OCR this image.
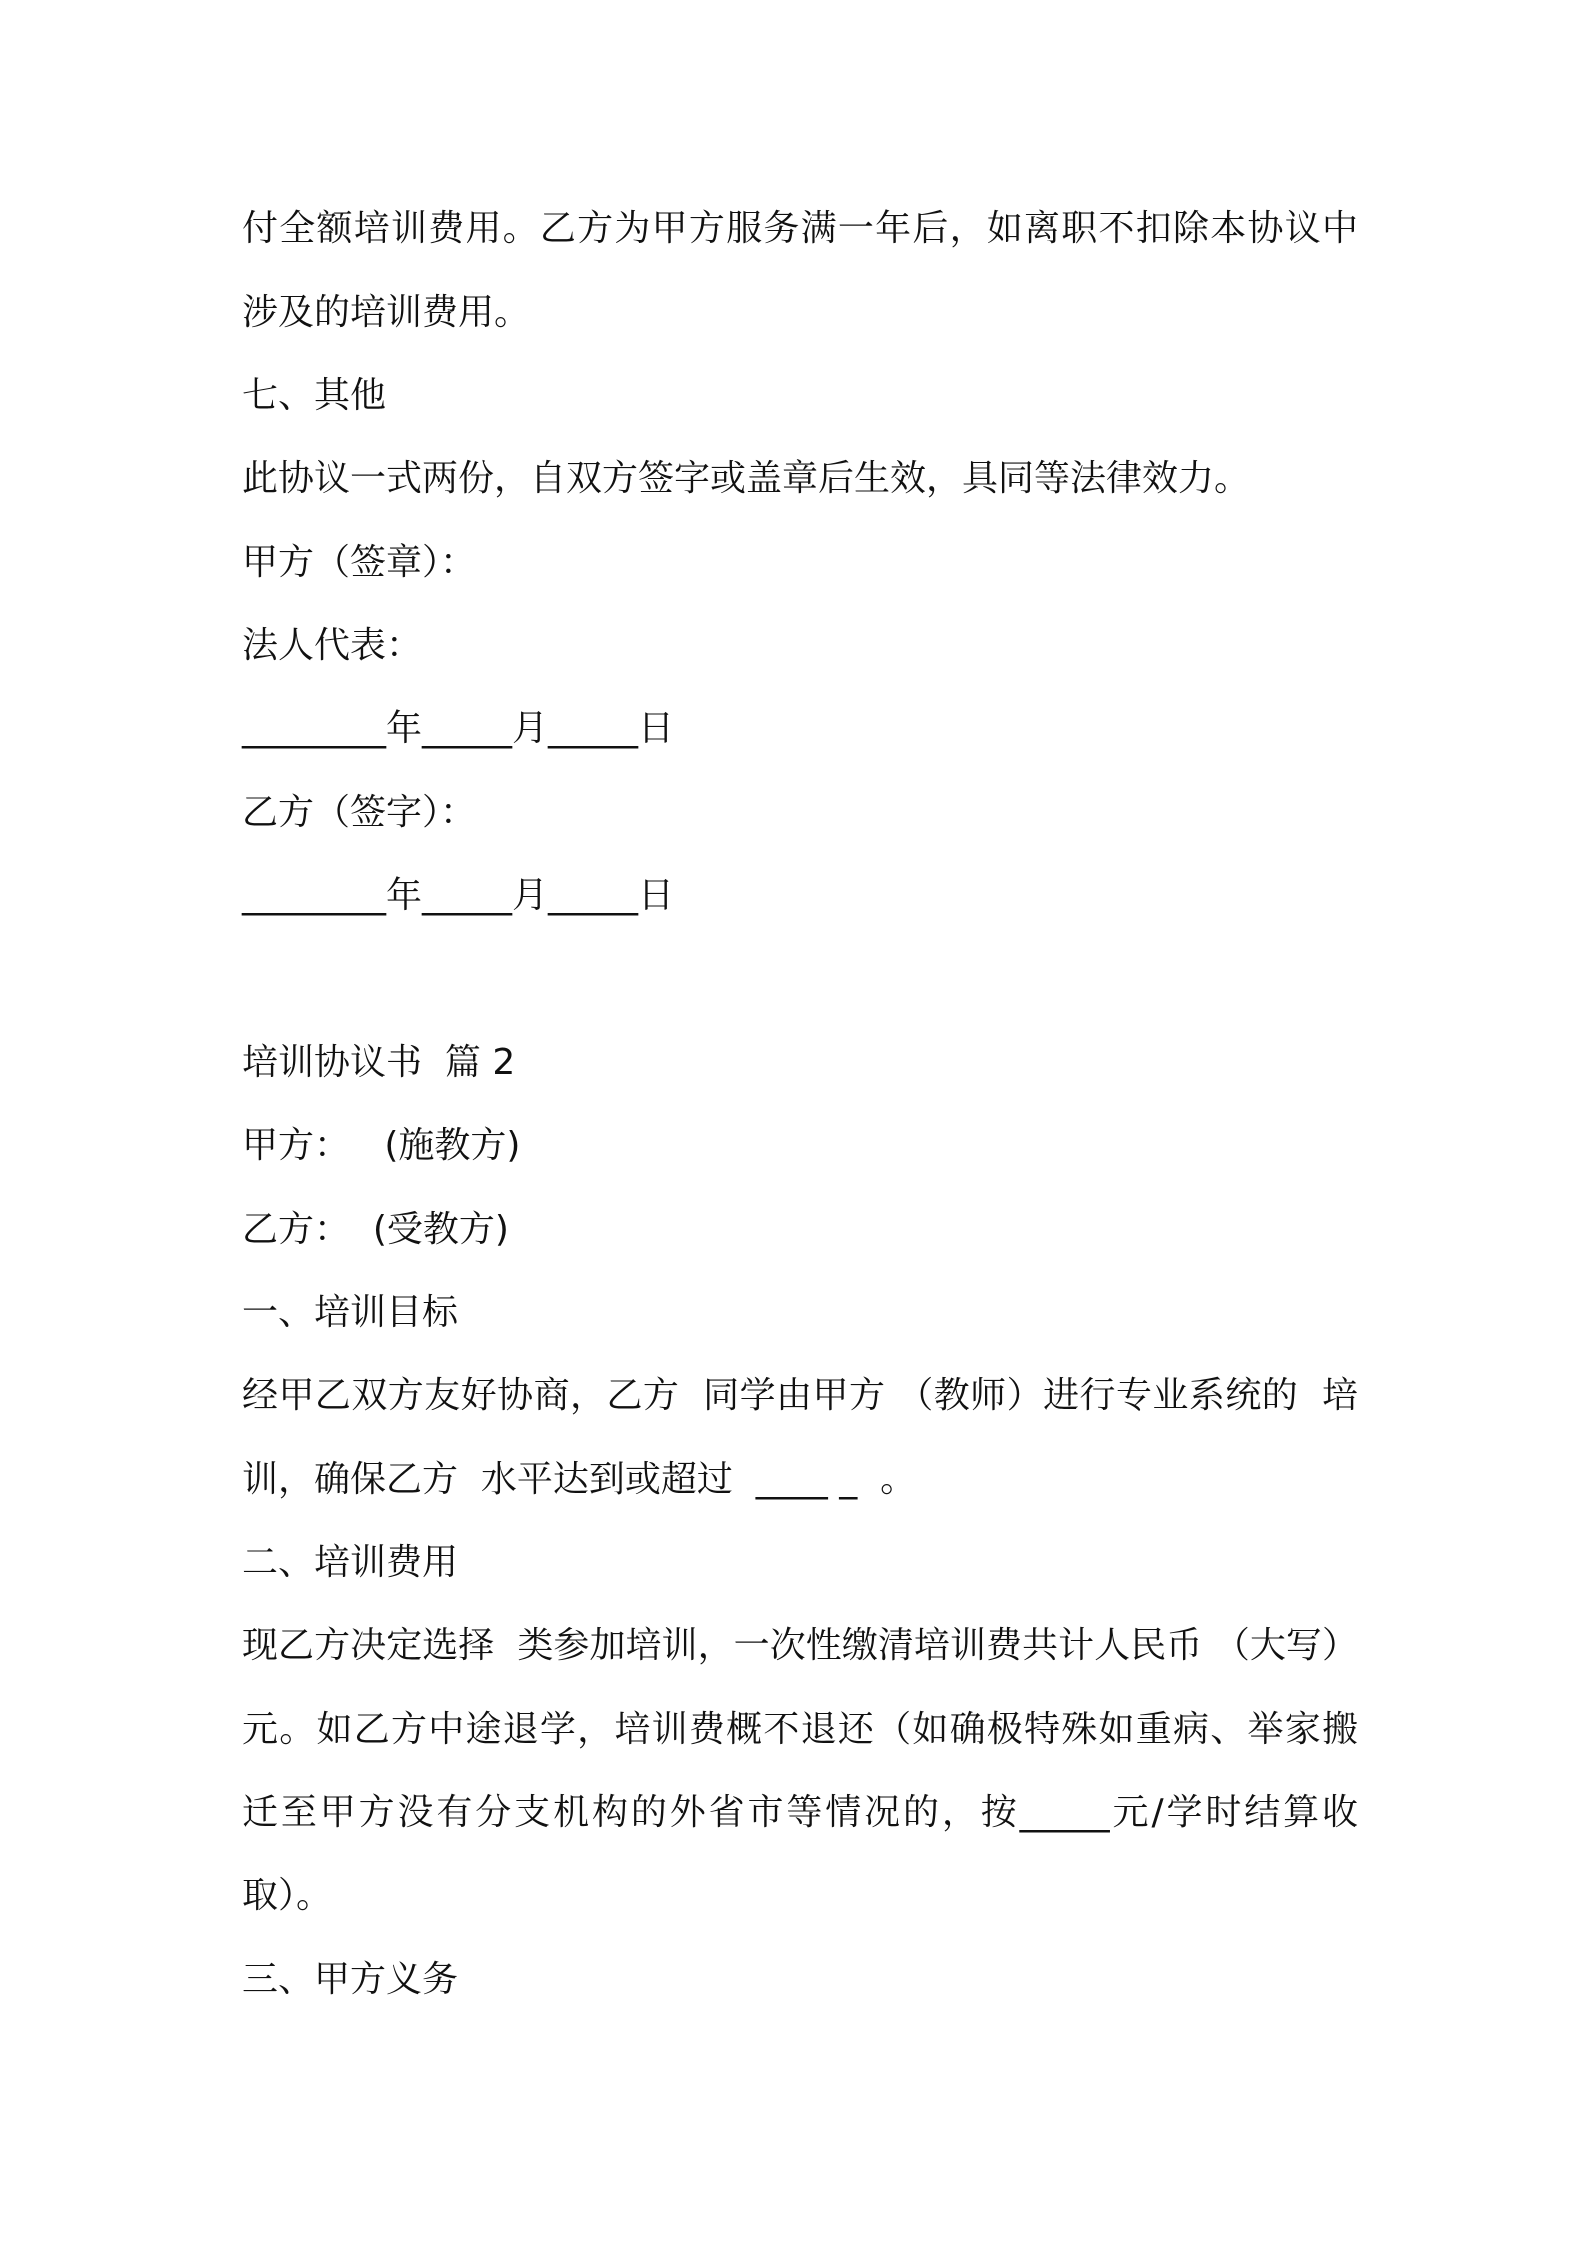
付全额培训费用。乙方为甲方服务满一年后，如离职不扣除本协议中
涉及的培训费用。
七、其他
此协议一式两份，自双方签字或盖章后生效，具同等法律效力。
甲方（签章）：
法人代表：
________年_____月_____日
乙方（签字）：
________年_____月_____日
培训协议书  篇 2
甲方：   (施教方)
乙方：  (受教方)
一、培训目标
经甲乙双方友好协商，乙方  同学由甲方 （教师）进行专业系统的  培
训，确保乙方  水平达到或超过  ____ _  。
二、培训费用
现乙方决定选择  类参加培训，一次性缴清培训费共计人民币 （大写）
元。如乙方中途退学，培训费概不退还（如确极特殊如重病、举家搬
迁至甲方没有分支机构的外省市等情况的，按_____元/学时结算收
取）。
三、甲方义务
